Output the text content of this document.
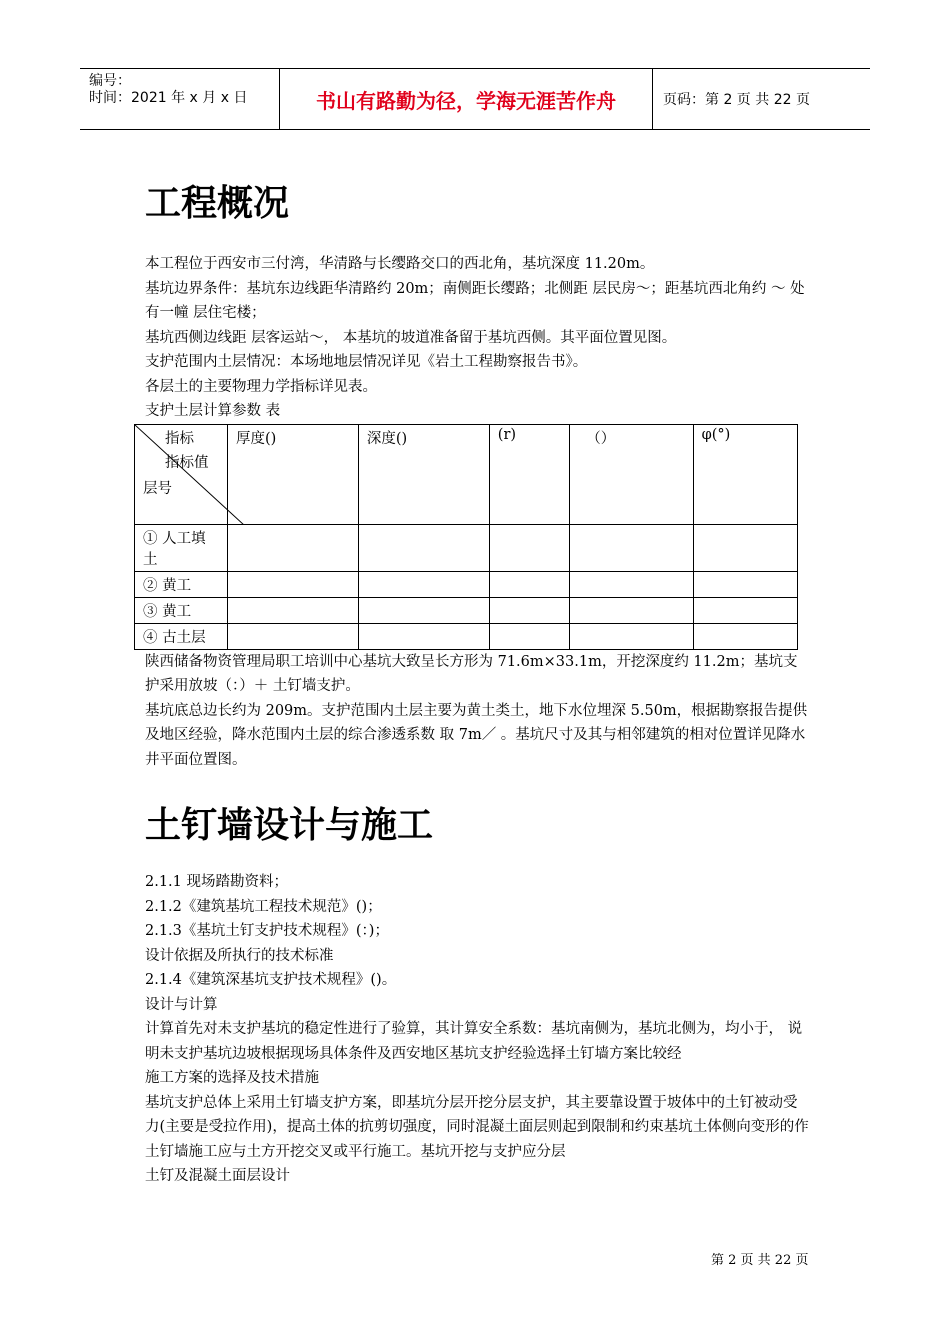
编号：
时间：2021 年 x 月 x 日	书山有路勤为径，学海无涯苦作舟	页码：第 2 页 共 22 页
工程概况

本工程位于西安市三付湾，华清路与长缨路交口的西北角，基坑深度 11.20m。

基坑边界条件：基坑东边线距华清路约 20m；南侧距长缨路；北侧距 层民房～；距基坑西北角约 ～ 处有一幢 层住宅楼；

基坑西侧边线距 层客运站～， 本基坑的坡道准备留于基坑西侧。其平面位置见图。

支护范围内土层情况：本场地地层情况详见《岩土工程勘察报告书》。

各层土的主要物理力学指标详见表。

支护土层计算参数 表

指标
指标值
层号	厚度()	深度()	(r)	（）	φ(°)
① 人工填土					
② 黄工					
③ 黄工					
④ 古土层					

陕西储备物资管理局职工培训中心基坑大致呈长方形为 71.6m×33.1m，开挖深度约 11.2m；基坑支护采用放坡（：）＋ 土钉墙支护。

基坑底总边长约为 209m。支护范围内土层主要为黄土类土，地下水位埋深 5.50m，根据勘察报告提供及地区经验，降水范围内土层的综合渗透系数 取 7m／ 。基坑尺寸及其与相邻建筑的相对位置详见降水井平面位置图。

土钉墙设计与施工

2.1.1 现场踏勘资料；

2.1.2《建筑基坑工程技术规范》()；

2.1.3《基坑土钉支护技术规程》(：)；

设计依据及所执行的技术标准

2.1.4《建筑深基坑支护技术规程》()。

设计与计算

计算首先对未支护基坑的稳定性进行了验算，其计算安全系数：基坑南侧为，基坑北侧为，均小于， 说明未支护基坑边坡根据现场具体条件及西安地区基坑支护经验选择土钉墙方案比较经

施工方案的选择及技术措施

基坑支护总体上采用土钉墙支护方案，即基坑分层开挖分层支护，其主要靠设置于坡体中的土钉被动受力(主要是受拉作用)，提高土体的抗剪切强度，同时混凝土面层则起到限制和约束基坑土体侧向变形的作土钉墙施工应与土方开挖交叉或平行施工。基坑开挖与支护应分层

土钉及混凝土面层设计

第 2 页 共 22 页
